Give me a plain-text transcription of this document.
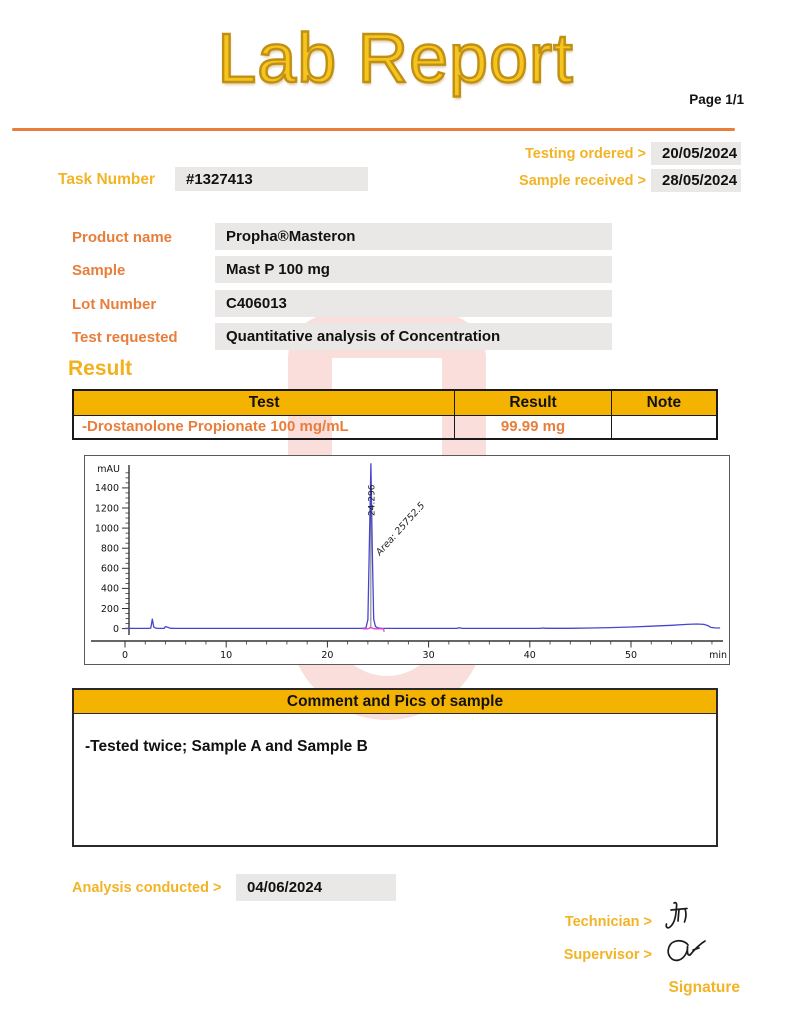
Lab Report
Page 1/1
Testing ordered >	20/05/2024
Task Number	#1327413	Sample received >	28/05/2024
Product name	Propha®Masteron
Sample	Mast P 100 mg
Lot Number	C406013
Test requested	Quantitative analysis of Concentration
Result
Test	Result	Note
-Drostanolone Propionate 100 mg/mL	99.99 mg	
0
200
400
600
800
1000
1200
1400
mAU
0	10	20	30	40	50	min
24.296
Area: 25752.5
Comment and Pics of sample
-Tested twice; Sample A and Sample B
Analysis conducted >	04/06/2024
Technician >
Supervisor >
Signature
